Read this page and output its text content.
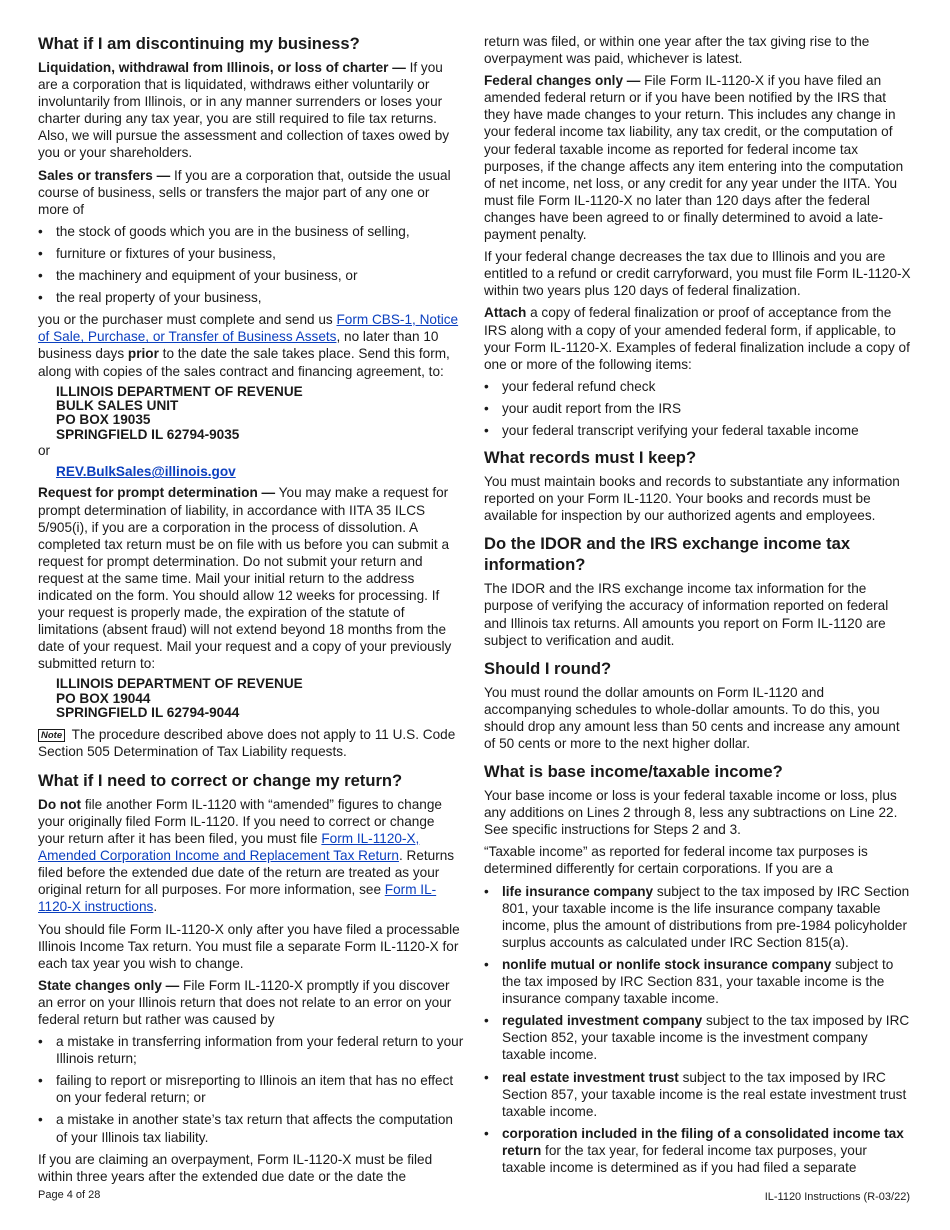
What if I am discontinuing my business?

Liquidation, withdrawal from Illinois, or loss of charter — If you are a corporation that is liquidated, withdraws either voluntarily or involuntarily from Illinois, or in any manner surrenders or loses your charter during any tax year, you are still required to file tax returns. Also, we will pursue the assessment and collection of taxes owed by you or your shareholders.

Sales or transfers — If you are a corporation that, outside the usual course of business, sells or transfers the major part of any one or more of

• the stock of goods which you are in the business of selling,
• furniture or fixtures of your business,
• the machinery and equipment of your business, or
• the real property of your business,

you or the purchaser must complete and send us Form CBS-1, Notice of Sale, Purchase, or Transfer of Business Assets, no later than 10 business days prior to the date the sale takes place. Send this form, along with copies of the sales contract and financing agreement, to:

ILLINOIS DEPARTMENT OF REVENUE
BULK SALES UNIT
PO BOX 19035
SPRINGFIELD IL 62794-9035
or
REV.BulkSales@illinois.gov

Request for prompt determination — You may make a request for prompt determination of liability, in accordance with IITA 35 ILCS 5/905(i), if you are a corporation in the process of dissolution. A completed tax return must be on file with us before you can submit a request for prompt determination. Do not submit your return and request at the same time. Mail your initial return to the address indicated on the form. You should allow 12 weeks for processing. If your request is properly made, the expiration of the statute of limitations (absent fraud) will not extend beyond 18 months from the date of your request. Mail your request and a copy of your previously submitted return to:

ILLINOIS DEPARTMENT OF REVENUE
PO BOX 19044
SPRINGFIELD IL 62794-9044

Note The procedure described above does not apply to 11 U.S. Code Section 505 Determination of Tax Liability requests.

What if I need to correct or change my return?

Do not file another Form IL-1120 with “amended” figures to change your originally filed Form IL-1120. If you need to correct or change your return after it has been filed, you must file Form IL-1120-X, Amended Corporation Income and Replacement Tax Return. Returns filed before the extended due date of the return are treated as your original return for all purposes. For more information, see Form IL-1120-X instructions.

You should file Form IL-1120-X only after you have filed a processable Illinois Income Tax return. You must file a separate Form IL-1120-X for each tax year you wish to change.

State changes only — File Form IL-1120-X promptly if you discover an error on your Illinois return that does not relate to an error on your federal return but rather was caused by

• a mistake in transferring information from your federal return to your Illinois return;
• failing to report or misreporting to Illinois an item that has no effect on your federal return; or
• a mistake in another state’s tax return that affects the computation of your Illinois tax liability.

If you are claiming an overpayment, Form IL-1120-X must be filed within three years after the extended due date or the date the

return was filed, or within one year after the tax giving rise to the overpayment was paid, whichever is latest.

Federal changes only — File Form IL-1120-X if you have filed an amended federal return or if you have been notified by the IRS that they have made changes to your return. This includes any change in your federal income tax liability, any tax credit, or the computation of your federal taxable income as reported for federal income tax purposes, if the change affects any item entering into the computation of net income, net loss, or any credit for any year under the IITA. You must file Form IL-1120-X no later than 120 days after the federal changes have been agreed to or finally determined to avoid a late-payment penalty.

If your federal change decreases the tax due to Illinois and you are entitled to a refund or credit carryforward, you must file Form IL-1120-X within two years plus 120 days of federal finalization.

Attach a copy of federal finalization or proof of acceptance from the IRS along with a copy of your amended federal form, if applicable, to your Form IL-1120-X. Examples of federal finalization include a copy of one or more of the following items:

• your federal refund check
• your audit report from the IRS
• your federal transcript verifying your federal taxable income
What records must I keep?

You must maintain books and records to substantiate any information reported on your Form IL-1120. Your books and records must be available for inspection by our authorized agents and employees.

Do the IDOR and the IRS exchange income tax information?

The IDOR and the IRS exchange income tax information for the purpose of verifying the accuracy of information reported on federal and Illinois tax returns. All amounts you report on Form IL-1120 are subject to verification and audit.

Should I round?

You must round the dollar amounts on Form IL-1120 and accompanying schedules to whole-dollar amounts. To do this, you should drop any amount less than 50 cents and increase any amount of 50 cents or more to the next higher dollar.

What is base income/taxable income?

Your base income or loss is your federal taxable income or loss, plus any additions on Lines 2 through 8, less any subtractions on Line 22. See specific instructions for Steps 2 and 3.

“Taxable income” as reported for federal income tax purposes is determined differently for certain corporations. If you are a

• life insurance company subject to the tax imposed by IRC Section 801, your taxable income is the life insurance company taxable income, plus the amount of distributions from pre-1984 policyholder surplus accounts as calculated under IRC Section 815(a).
• nonlife mutual or nonlife stock insurance company subject to the tax imposed by IRC Section 831, your taxable income is the insurance company taxable income.
• regulated investment company subject to the tax imposed by IRC Section 852, your taxable income is the investment company taxable income.
• real estate investment trust subject to the tax imposed by IRC Section 857, your taxable income is the real estate investment trust taxable income.
• corporation included in the filing of a consolidated income tax return for the tax year, for federal income tax purposes, your taxable income is determined as if you had filed a separate
Page 4 of 28	IL-1120 Instructions (R-03/22)
